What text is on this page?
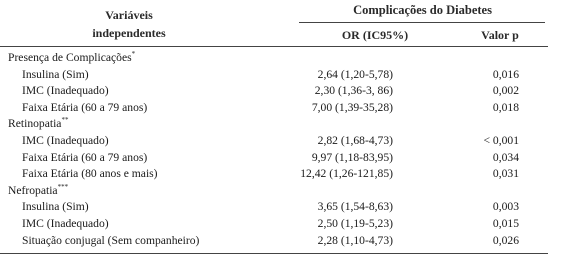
Variáveis
independentes
Complicações do Diabetes
OR (IC95%)	Valor p
Presença de Complicações*
Insulina (Sim)	2,64 (1,20-5,78)	0,016
IMC (Inadequado)	2,30 (1,36-3, 86)	0,002
Faixa Etária (60 a 79 anos)	7,00 (1,39-35,28)	0,018
Retinopatia**
IMC (Inadequado)	2,82 (1,68-4,73)	< 0,001
Faixa Etária (60 a 79 anos)	9,97 (1,18-83,95)	0,034
Faixa Etária (80 anos e mais)	12,42 (1,26-121,85)	0,031
Nefropatia***
Insulina (Sim)	3,65 (1,54-8,63)	0,003
IMC (Inadequado)	2,50 (1,19-5,23)	0,015
Situação conjugal (Sem companheiro)	2,28 (1,10-4,73)	0,026
